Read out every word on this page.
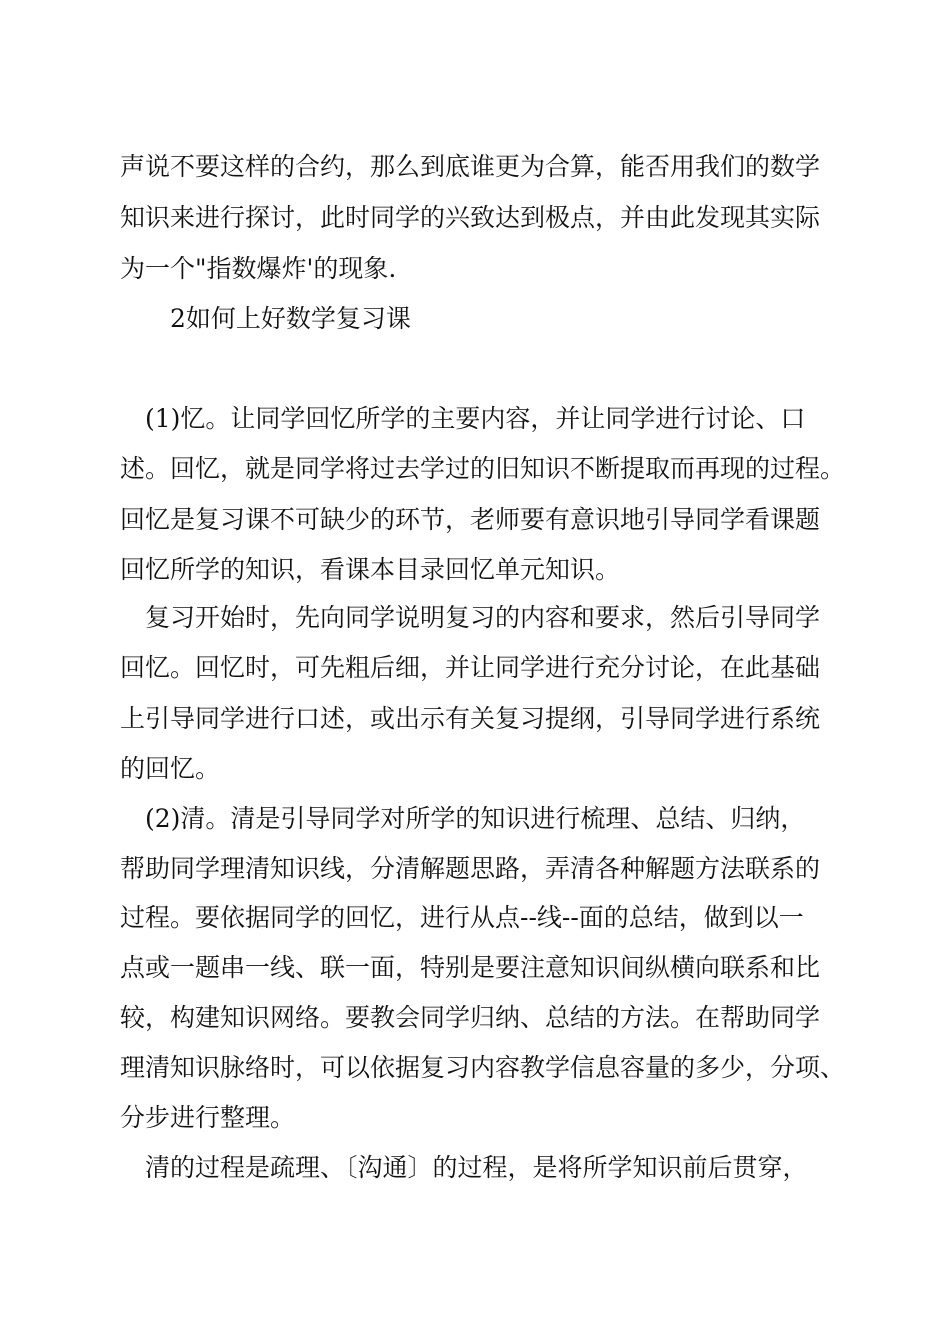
声说不要这样的合约，那么到底谁更为合算，能否用我们的数学
知识来进行探讨，此时同学的兴致达到极点，并由此发现其实际
为一个"指数爆炸'的现象.
2如何上好数学复习课
(1)忆。让同学回忆所学的主要内容，并让同学进行讨论、口
述。回忆，就是同学将过去学过的旧知识不断提取而再现的过程。
回忆是复习课不可缺少的环节，老师要有意识地引导同学看课题
回忆所学的知识，看课本目录回忆单元知识。
复习开始时，先向同学说明复习的内容和要求，然后引导同学
回忆。回忆时，可先粗后细，并让同学进行充分讨论，在此基础
上引导同学进行口述，或出示有关复习提纲，引导同学进行系统
的回忆。
(2)清。清是引导同学对所学的知识进行梳理、总结、归纳，
帮助同学理清知识线，分清解题思路，弄清各种解题方法联系的
过程。要依据同学的回忆，进行从点--线--面的总结，做到以一
点或一题串一线、联一面，特别是要注意知识间纵横向联系和比
较，构建知识网络。要教会同学归纳、总结的方法。在帮助同学
理清知识脉络时，可以依据复习内容教学信息容量的多少，分项、
分步进行整理。
清的过程是疏理、〔沟通〕的过程，是将所学知识前后贯穿，
